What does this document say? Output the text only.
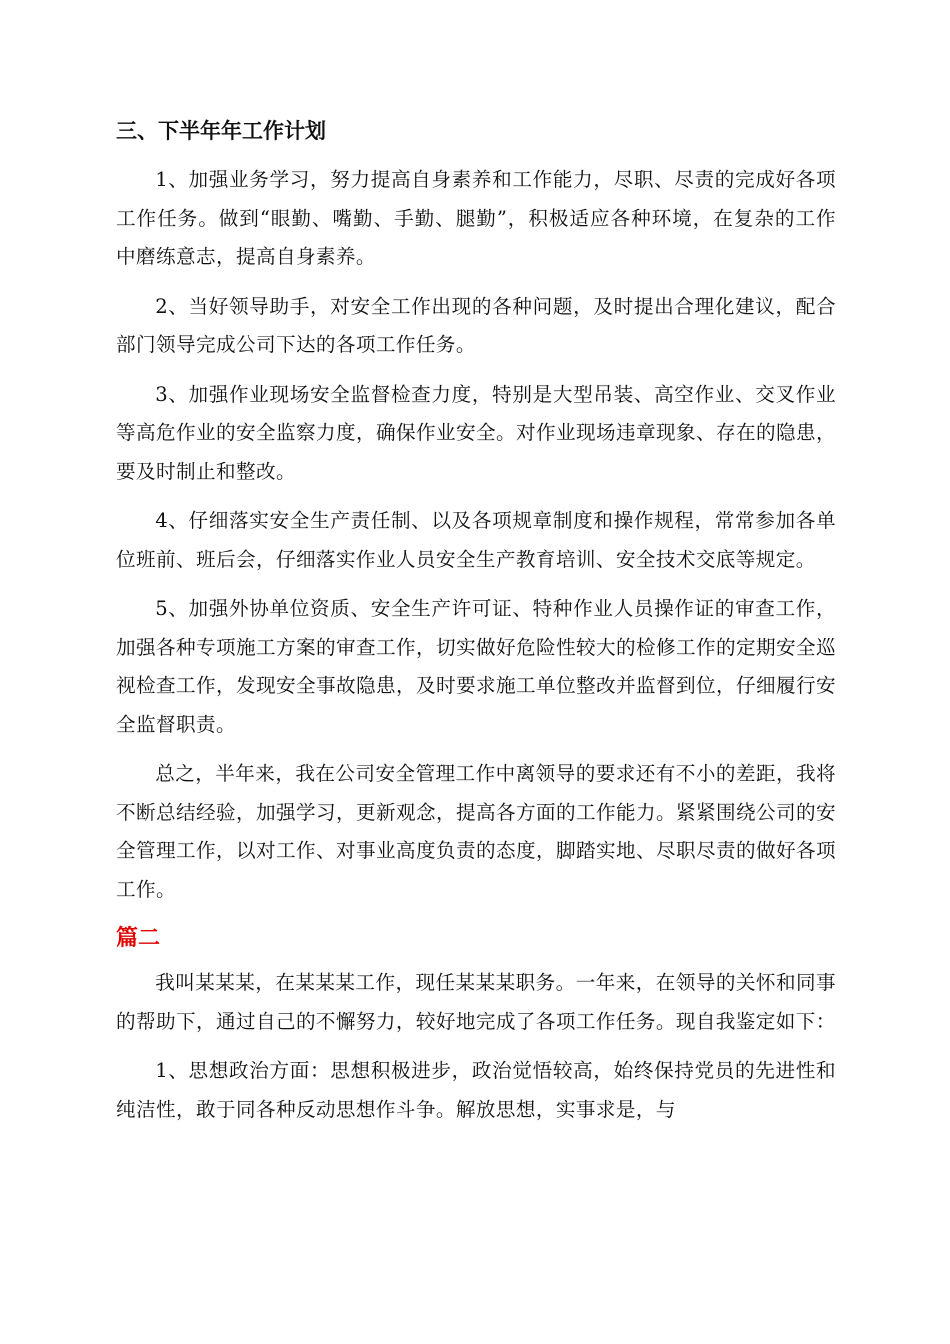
三、下半年年工作计划

1、加强业务学习，努力提高自身素养和工作能力，尽职、尽责的完成好各项工作任务。做到“眼勤、嘴勤、手勤、腿勤”，积极适应各种环境，在复杂的工作中磨练意志，提高自身素养。

2、当好领导助手，对安全工作出现的各种问题，及时提出合理化建议，配合部门领导完成公司下达的各项工作任务。

3、加强作业现场安全监督检查力度，特别是大型吊装、高空作业、交叉作业等高危作业的安全监察力度，确保作业安全。对作业现场违章现象、存在的隐患，要及时制止和整改。

4、仔细落实安全生产责任制、以及各项规章制度和操作规程，常常参加各单位班前、班后会，仔细落实作业人员安全生产教育培训、安全技术交底等规定。

5、加强外协单位资质、安全生产许可证、特种作业人员操作证的审查工作，加强各种专项施工方案的审查工作，切实做好危险性较大的检修工作的定期安全巡视检查工作，发现安全事故隐患，及时要求施工单位整改并监督到位，仔细履行安全监督职责。

总之，半年来，我在公司安全管理工作中离领导的要求还有不小的差距，我将不断总结经验，加强学习，更新观念，提高各方面的工作能力。紧紧围绕公司的安全管理工作，以对工作、对事业高度负责的态度，脚踏实地、尽职尽责的做好各项工作。

篇二

我叫某某某，在某某某工作，现任某某某职务。一年来，在领导的关怀和同事的帮助下，通过自己的不懈努力，较好地完成了各项工作任务。现自我鉴定如下：

1、思想政治方面：思想积极进步，政治觉悟较高，始终保持党员的先进性和纯洁性，敢于同各种反动思想作斗争。解放思想，实事求是，与
